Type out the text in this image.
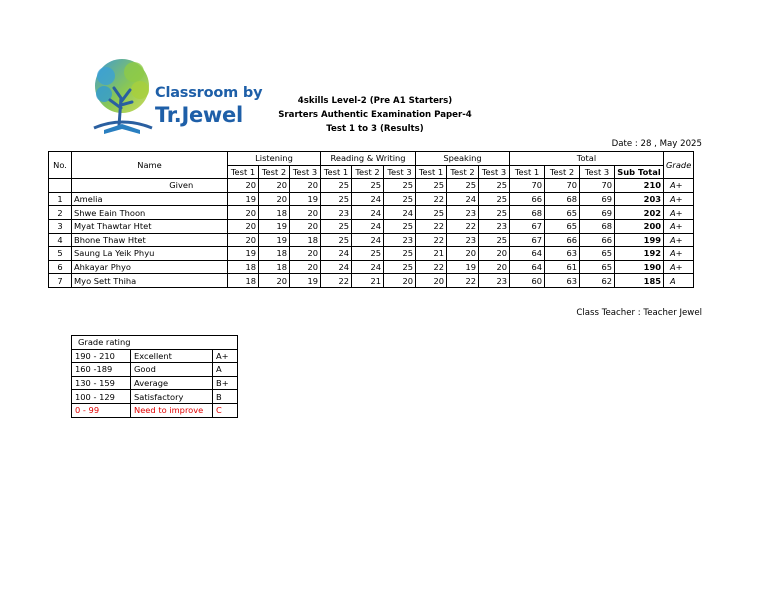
Classroom by
Tr.Jewel
4skills Level-2 (Pre A1 Starters)
Srarters Authentic Examination Paper-4
Test 1 to 3 (Results)
Date : 28 , May 2025
No.	Name		Listening			Reading & Writing			Speaking			Total				Grade
			Test 1	Test 2	Test 3	Test 1	Test 2	Test 3	Test 1	Test 2	Test 3	Test 1	Test 2	Test 3	Sub Total	
		Given	20	20	20	25	25	25	25	25	25	70	70	70	210	A+
1	Amelia		19	20	19	25	24	25	22	24	25	66	68	69	203	A+
2	Shwe Eain Thoon		20	18	20	23	24	24	25	23	25	68	65	69	202	A+
3	Myat Thawtar Htet		20	19	20	25	24	25	22	22	23	67	65	68	200	A+
4	Bhone Thaw Htet		20	19	18	25	24	23	22	23	25	67	66	66	199	A+
5	Saung La Yeik Phyu		19	18	20	24	25	25	21	20	20	64	63	65	192	A+
6	Ahkayar Phyo		18	18	20	24	24	25	22	19	20	64	61	65	190	A+
7	Myo Sett Thiha		18	20	19	22	21	20	20	22	23	60	63	62	185	A
Class Teacher : Teacher Jewel
Grade rating		
190 - 210	Excellent	A+
160 -189	Good	A
130 - 159	Average	B+
100 - 129	Satisfactory	B
0 - 99	Need to improve	C
